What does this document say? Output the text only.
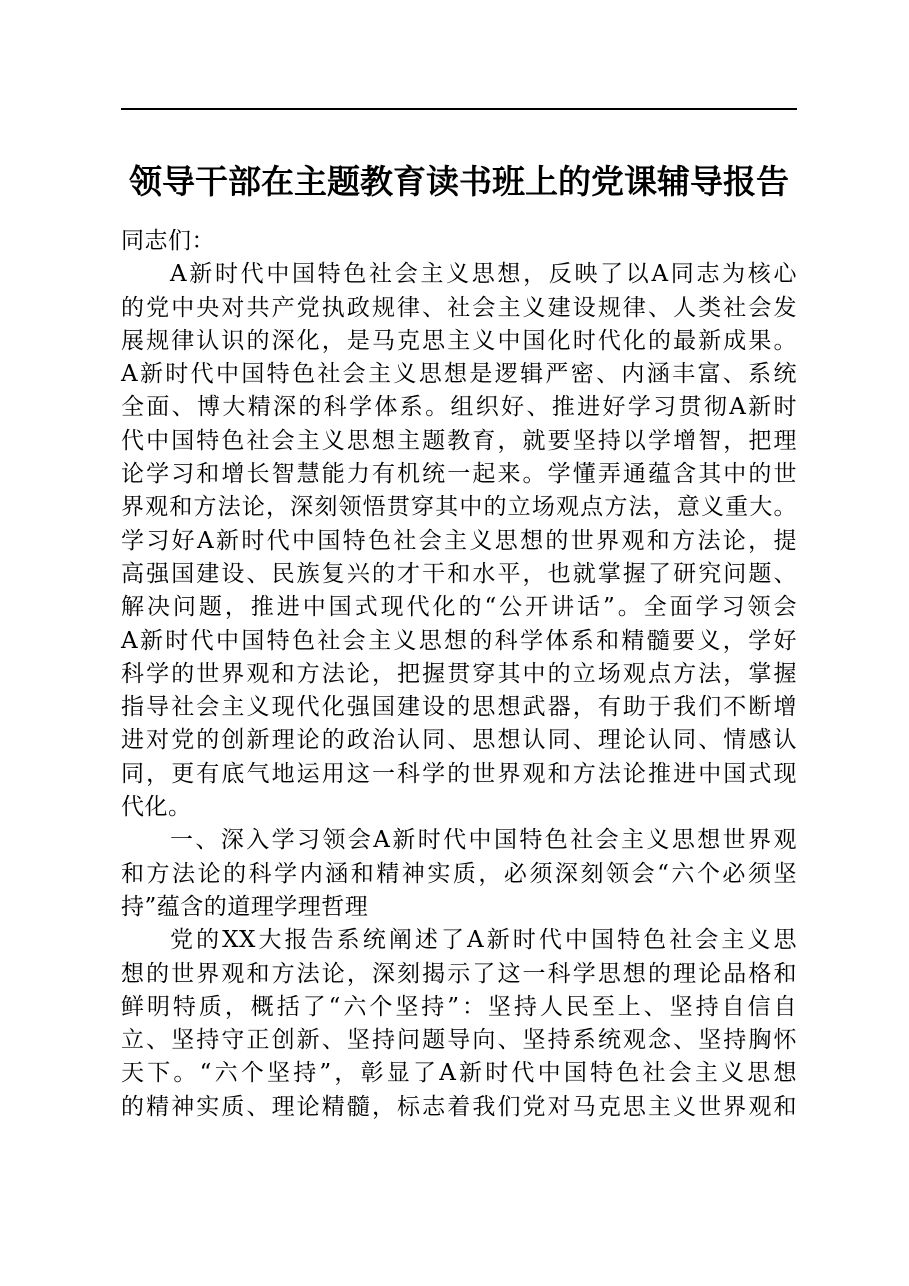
领导干部在主题教育读书班上的党课辅导报告
同志们：
A新时代中国特色社会主义思想，反映了以A同志为核心
的党中央对共产党执政规律、社会主义建设规律、人类社会发
展规律认识的深化，是马克思主义中国化时代化的最新成果。
A新时代中国特色社会主义思想是逻辑严密、内涵丰富、系统
全面、博大精深的科学体系。组织好、推进好学习贯彻A新时
代中国特色社会主义思想主题教育，就要坚持以学增智，把理
论学习和增长智慧能力有机统一起来。学懂弄通蕴含其中的世
界观和方法论，深刻领悟贯穿其中的立场观点方法，意义重大。
学习好A新时代中国特色社会主义思想的世界观和方法论，提
高强国建设、民族复兴的才干和水平，也就掌握了研究问题、
解决问题，推进中国式现代化的“公开讲话”。全面学习领会
A新时代中国特色社会主义思想的科学体系和精髓要义，学好
科学的世界观和方法论，把握贯穿其中的立场观点方法，掌握
指导社会主义现代化强国建设的思想武器，有助于我们不断增
进对党的创新理论的政治认同、思想认同、理论认同、情感认
同，更有底气地运用这一科学的世界观和方法论推进中国式现
代化。
一、深入学习领会A新时代中国特色社会主义思想世界观
和方法论的科学内涵和精神实质，必须深刻领会“六个必须坚
持”蕴含的道理学理哲理
党的XX大报告系统阐述了A新时代中国特色社会主义思
想的世界观和方法论，深刻揭示了这一科学思想的理论品格和
鲜明特质，概括了“六个坚持”：坚持人民至上、坚持自信自
立、坚持守正创新、坚持问题导向、坚持系统观念、坚持胸怀
天下。“六个坚持”，彰显了A新时代中国特色社会主义思想
的精神实质、理论精髓，标志着我们党对马克思主义世界观和
